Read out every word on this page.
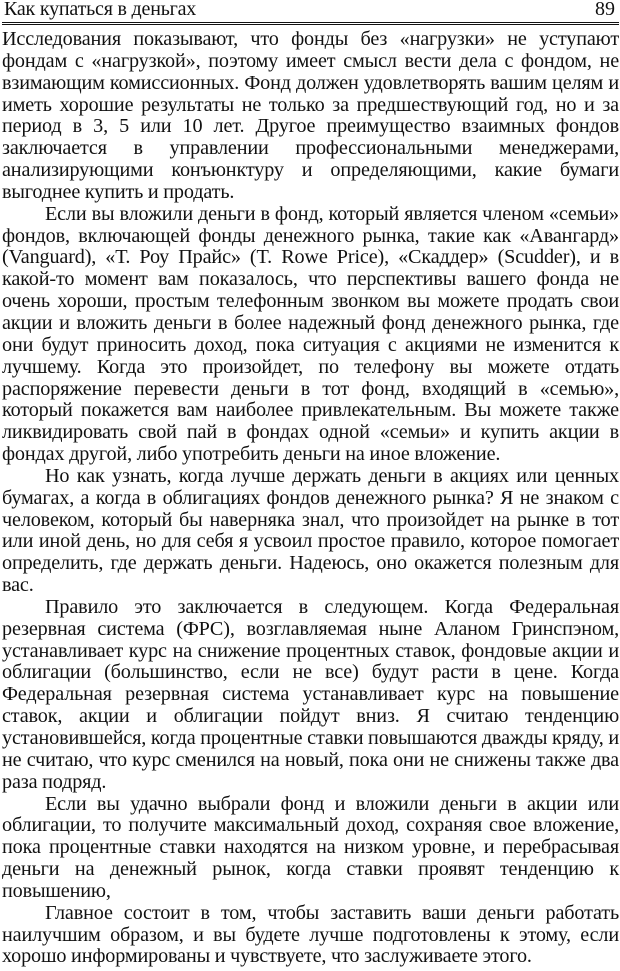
Как купаться в деньгах	89

Исследования показывают, что фонды без «нагрузки» не уступают фондам с «нагрузкой», поэтому имеет смысл вести дела с фондом, не взимающим комиссионных. Фонд должен удовлетворять вашим целям и иметь хорошие результаты не только за предшествующий год, но и за период в 3, 5 или 10 лет. Другое преимущество взаимных фондов заключается в управлении профессиональными менеджерами, анализирующими конъюнктуру и определяющими, какие бумаги выгоднее купить и продать.

Если вы вложили деньги в фонд, который является членом «семьи» фондов, включающей фонды денежного рынка, такие как «Авангард» (Vanguard), «Т. Роу Прайс» (T. Rowe Price), «Скаддер» (Scudder), и в какой-то момент вам показалось, что перспективы вашего фонда не очень хороши, простым телефонным звонком вы можете продать свои акции и вложить деньги в более надежный фонд денежного рынка, где они будут приносить доход, пока ситуация с акциями не изменится к лучшему. Когда это произойдет, по телефону вы можете отдать распоряжение перевести деньги в тот фонд, входящий в «семью», который покажется вам наиболее привлекательным. Вы можете также ликвидировать свой пай в фондах одной «семьи» и купить акции в фондах другой, либо употребить деньги на иное вложение.

Но как узнать, когда лучше держать деньги в акциях или ценных бумагах, а когда в облигациях фондов денежного рынка? Я не знаком с человеком, который бы наверняка знал, что произойдет на рынке в тот или иной день, но для себя я усвоил простое правило, которое помогает определить, где держать деньги. Надеюсь, оно окажется полезным для вас.

Правило это заключается в следующем. Когда Федеральная резервная система (ФРС), возглавляемая ныне Аланом Гринспэном, устанавливает курс на снижение процентных ставок, фондовые акции и облигации (большинство, если не все) будут расти в цене. Когда Федеральная резервная система устанавливает курс на повышение ставок, акции и облигации пойдут вниз. Я считаю тенденцию установившейся, когда процентные ставки повышаются дважды кряду, и не считаю, что курс сменился на новый, пока они не снижены также два раза подряд.

Если вы удачно выбрали фонд и вложили деньги в акции или облигации, то получите максимальный доход, сохраняя свое вложение, пока процентные ставки находятся на низком уровне, и перебрасывая деньги на денежный рынок, когда ставки проявят тенденцию к повышению,

Главное состоит в том, чтобы заставить ваши деньги работать наилучшим образом, и вы будете лучше подготовлены к этому, если хорошо информированы и чувствуете, что заслуживаете этого.
